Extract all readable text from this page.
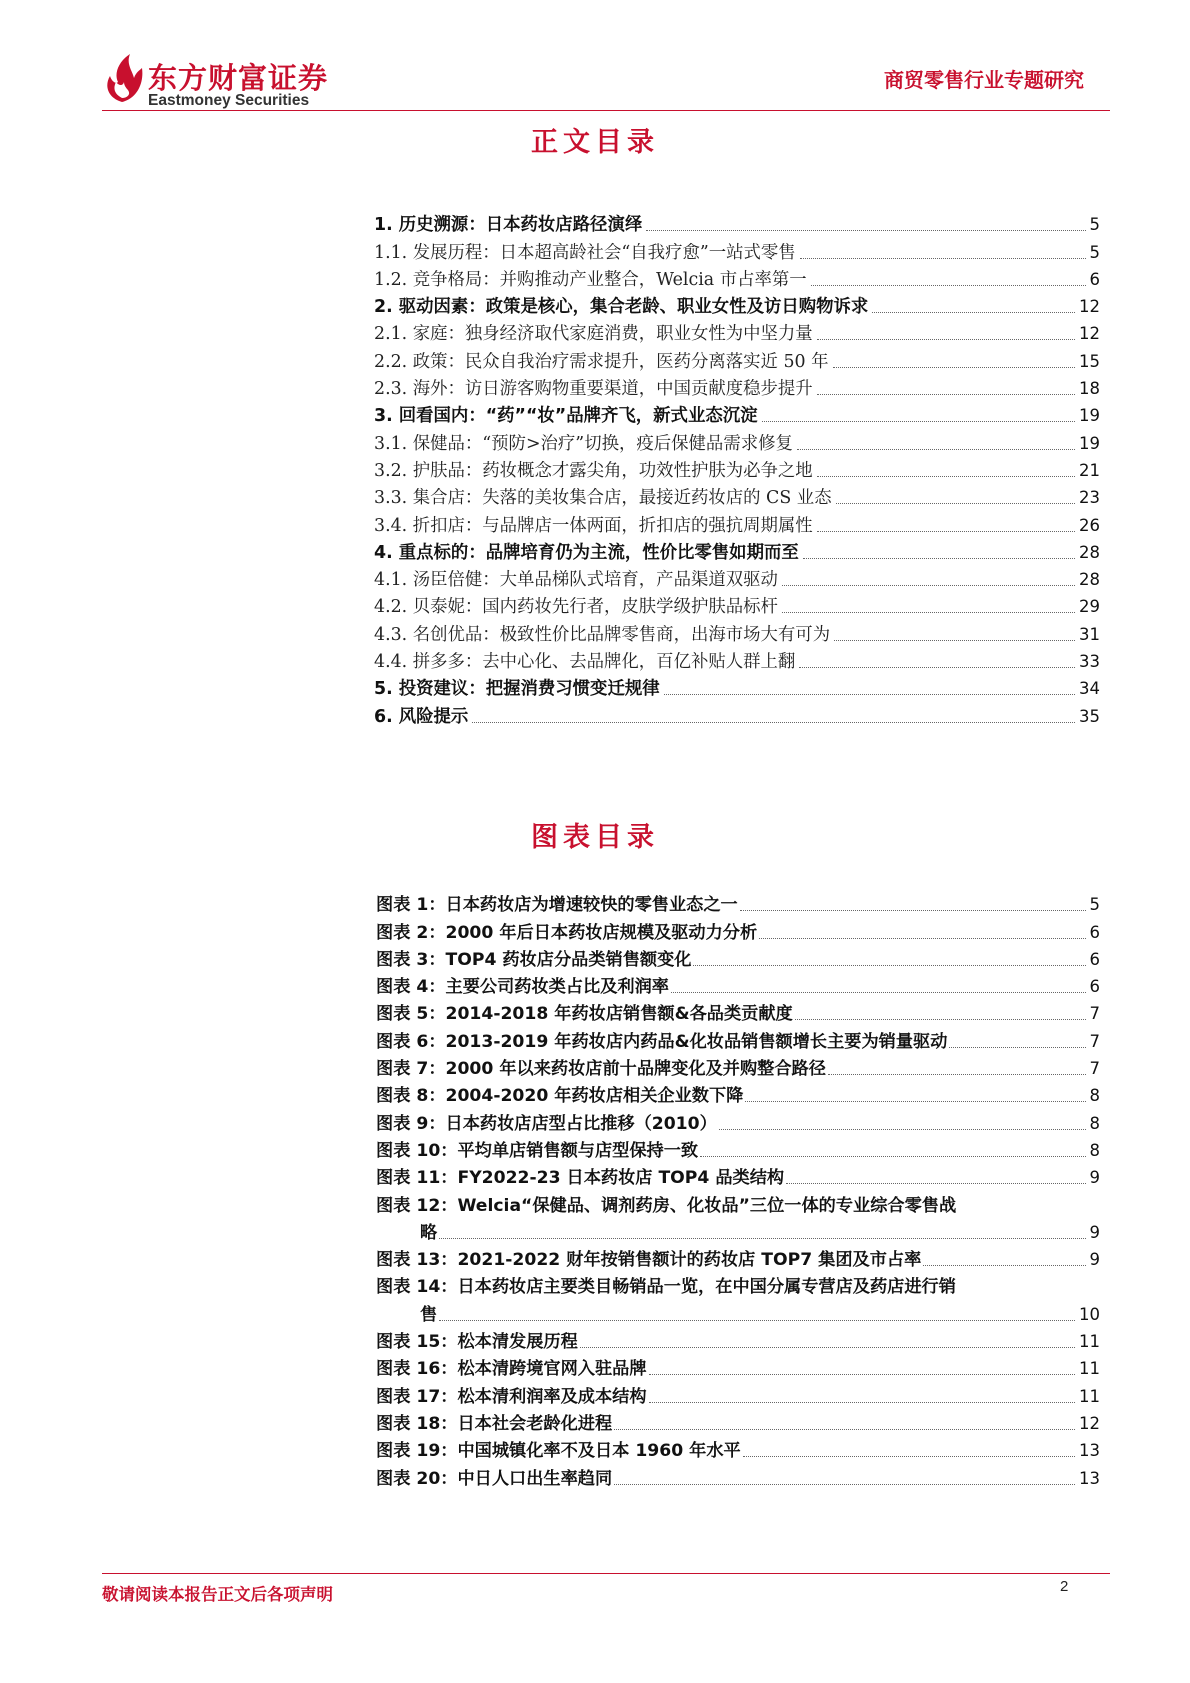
东方财富证券
Eastmoney Securities
商贸零售行业专题研究
正文目录
1. 历史溯源：日本药妆店路径演绎	5
1.1. 发展历程：日本超高龄社会“自我疗愈”一站式零售	5
1.2. 竞争格局：并购推动产业整合，Welcia 市占率第一	6
2. 驱动因素：政策是核心，集合老龄、职业女性及访日购物诉求	12
2.1. 家庭：独身经济取代家庭消费，职业女性为中坚力量	12
2.2. 政策：民众自我治疗需求提升，医药分离落实近 50 年	15
2.3. 海外：访日游客购物重要渠道，中国贡献度稳步提升	18
3. 回看国内：“药”“妆”品牌齐飞，新式业态沉淀	19
3.1. 保健品：“预防>治疗”切换，疫后保健品需求修复	19
3.2. 护肤品：药妆概念才露尖角，功效性护肤为必争之地	21
3.3. 集合店：失落的美妆集合店，最接近药妆店的 CS 业态	23
3.4. 折扣店：与品牌店一体两面，折扣店的强抗周期属性	26
4. 重点标的：品牌培育仍为主流，性价比零售如期而至	28
4.1. 汤臣倍健：大单品梯队式培育，产品渠道双驱动	28
4.2. 贝泰妮：国内药妆先行者，皮肤学级护肤品标杆	29
4.3. 名创优品：极致性价比品牌零售商，出海市场大有可为	31
4.4. 拼多多：去中心化、去品牌化，百亿补贴人群上翻	33
5. 投资建议：把握消费习惯变迁规律	34
6. 风险提示	35
图表目录
图表 1：日本药妆店为增速较快的零售业态之一	5
图表 2：2000 年后日本药妆店规模及驱动力分析	6
图表 3：TOP4 药妆店分品类销售额变化	6
图表 4：主要公司药妆类占比及利润率	6
图表 5：2014-2018 年药妆店销售额&各品类贡献度	7
图表 6：2013-2019 年药妆店内药品&化妆品销售额增长主要为销量驱动	7
图表 7：2000 年以来药妆店前十品牌变化及并购整合路径	7
图表 8：2004-2020 年药妆店相关企业数下降	8
图表 9：日本药妆店店型占比推移（2010）	8
图表 10：平均单店销售额与店型保持一致	8
图表 11：FY2022-23 日本药妆店 TOP4 品类结构	9
图表 12：Welcia“保健品、调剂药房、化妆品”三位一体的专业综合零售战
略	9
图表 13：2021-2022 财年按销售额计的药妆店 TOP7 集团及市占率	9
图表 14：日本药妆店主要类目畅销品一览，在中国分属专营店及药店进行销
售	10
图表 15：松本清发展历程	11
图表 16：松本清跨境官网入驻品牌	11
图表 17：松本清利润率及成本结构	11
图表 18：日本社会老龄化进程	12
图表 19：中国城镇化率不及日本 1960 年水平	13
图表 20：中日人口出生率趋同	13
敬请阅读本报告正文后各项声明	2
